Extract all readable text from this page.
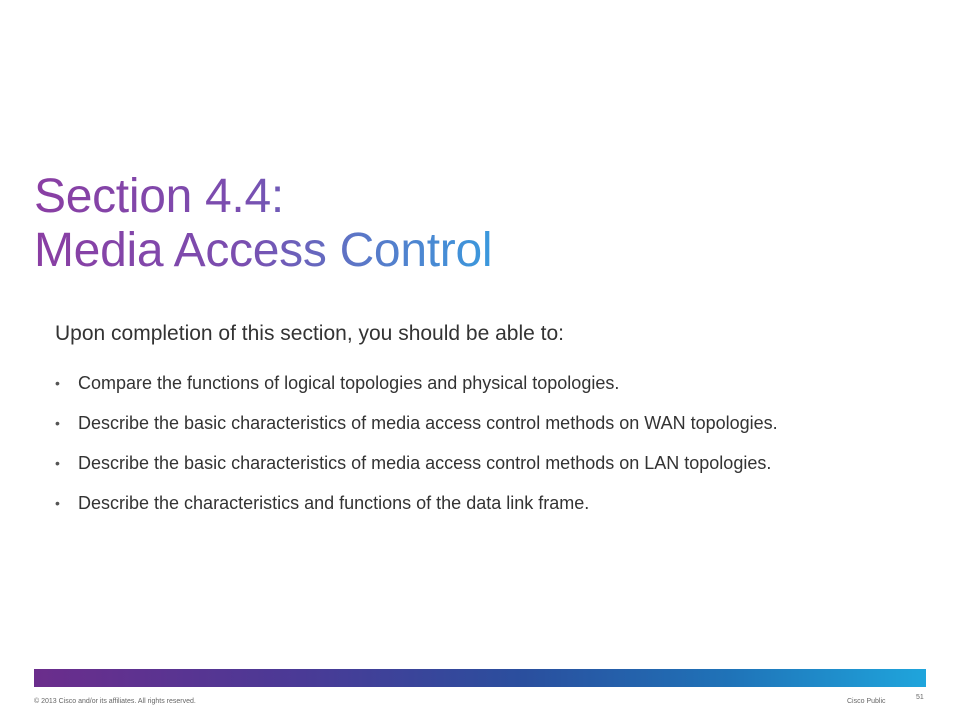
Section 4.4:
Media Access Control

Upon completion of this section, you should be able to:

• Compare the functions of logical topologies and physical topologies.
• Describe the basic characteristics of media access control methods on WAN topologies.
• Describe the basic characteristics of media access control methods on LAN topologies.
• Describe the characteristics and functions of the data link frame.
© 2013 Cisco and/or its affiliates. All rights reserved.	Cisco Public
51
